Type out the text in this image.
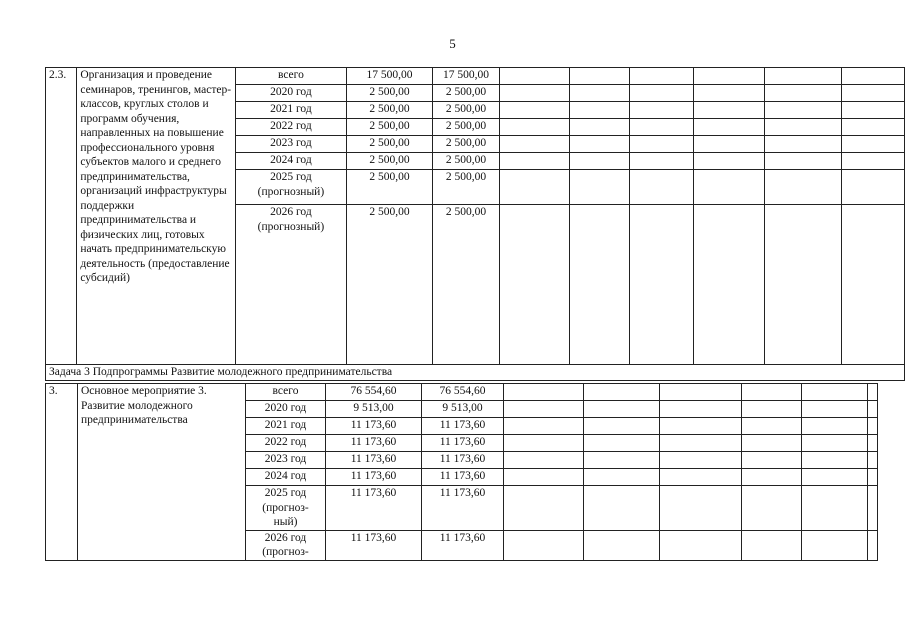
5
2.3.	Организация и проведение семинаров, тренингов, мастер-классов, круглых столов и программ обучения, направленных на повышение профессионального уровня субъектов малого и среднего предпринимательства, организаций инфраструктуры поддержки предпринимательства и физических лиц, готовых начать предпринимательскую деятельность (предоставление субсидий)	всего	17 500,00	17 500,00						
		2020 год	2 500,00	2 500,00						
		2021 год	2 500,00	2 500,00						
		2022 год	2 500,00	2 500,00						
		2023 год	2 500,00	2 500,00						
		2024 год	2 500,00	2 500,00						
		2025 год (прогнозный)	2 500,00	2 500,00						
		2026 год (прогнозный)	2 500,00	2 500,00						
Задача 3 Подпрограммы Развитие молодежного предпринимательства										
3.	Основное мероприятие 3. Развитие молодежного предпринимательства	всего	76 554,60	76 554,60						
		2020 год	9 513,00	9 513,00						
		2021 год	11 173,60	11 173,60						
		2022 год	11 173,60	11 173,60						
		2023 год	11 173,60	11 173,60						
		2024 год	11 173,60	11 173,60						
		2025 год (прогноз-ный)	11 173,60	11 173,60						
		2026 год (прогноз-	11 173,60	11 173,60						
